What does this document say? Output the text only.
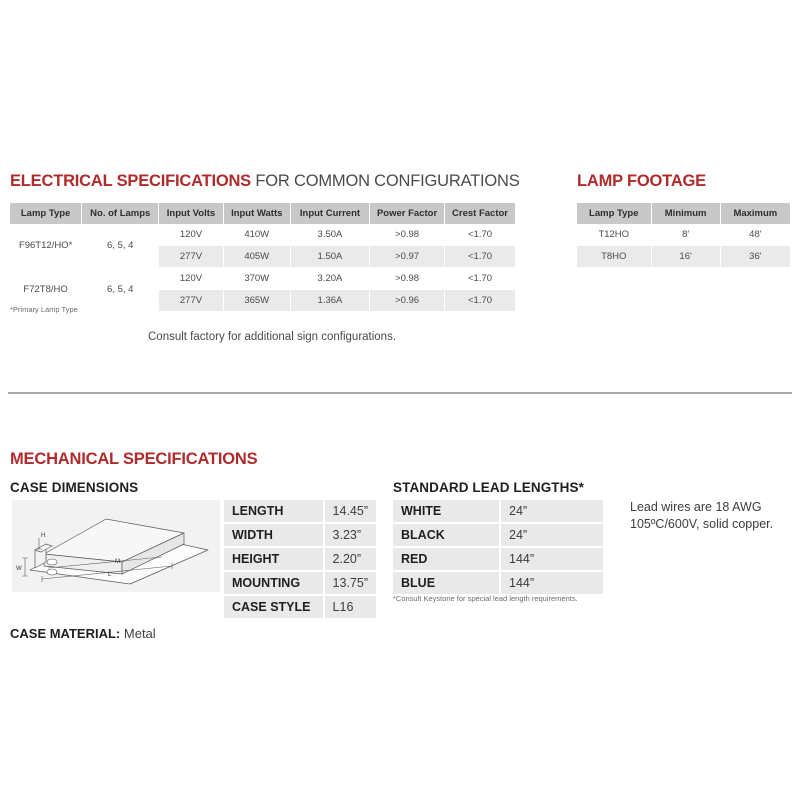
ELECTRICAL SPECIFICATIONS FOR COMMON CONFIGURATIONS
Lamp Type	No. of Lamps	Input Volts	Input Watts	Input Current	Power Factor	Crest Factor
F96T12/HO*	6, 5, 4	120V	410W	3.50A	>0.98	<1.70
		277V	405W	1.50A	>0.97	<1.70
F72T8/HO	6, 5, 4	120V	370W	3.20A	>0.98	<1.70
		277V	365W	1.36A	>0.96	<1.70
*Primary Lamp Type
Consult factory for additional sign configurations.
LAMP FOOTAGE
Lamp Type	Minimum	Maximum
T12HO	8'	48'
T8HO	16'	36'
MECHANICAL SPECIFICATIONS
CASE DIMENSIONS
H
W
M
L
LENGTH	14.45”
WIDTH	3.23”
HEIGHT	2.20”
MOUNTING	13.75”
CASE STYLE	L16
CASE MATERIAL: Metal
STANDARD LEAD LENGTHS*
WHITE	24”
BLACK	24”
RED	144”
BLUE	144”
*Consult Keystone for special lead length requirements.
Lead wires are 18 AWG
105ºC/600V, solid copper.
